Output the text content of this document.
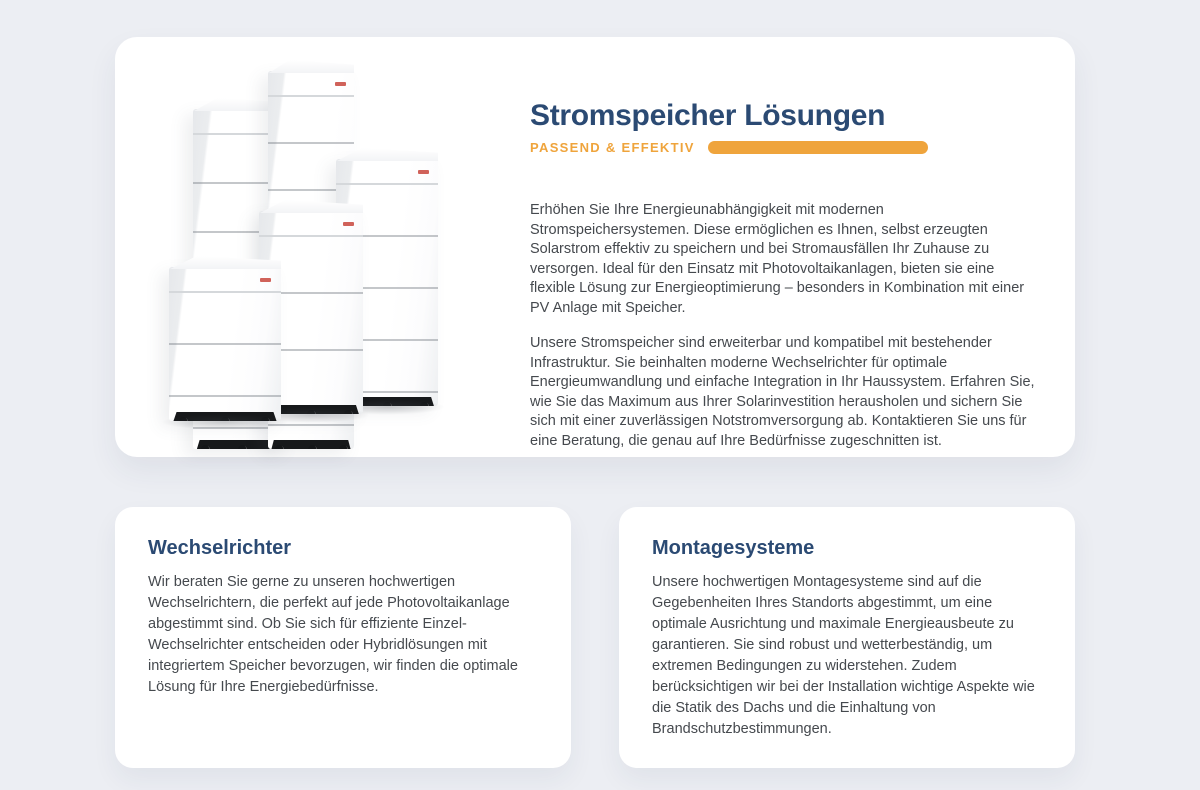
Stromspeicher Lösungen
PASSEND & EFFEKTIV

Erhöhen Sie Ihre Energieunabhängigkeit mit modernen Stromspeichersystemen. Diese ermöglichen es Ihnen, selbst erzeugten Solarstrom effektiv zu speichern und bei Stromausfällen Ihr Zuhause zu versorgen. Ideal für den Einsatz mit Photovoltaikanlagen, bieten sie eine flexible Lösung zur Energieoptimierung – besonders in Kombination mit einer PV Anlage mit Speicher.

Unsere Stromspeicher sind erweiterbar und kompatibel mit bestehender Infrastruktur. Sie beinhalten moderne Wechselrichter für optimale Energieumwandlung und einfache Integration in Ihr Haussystem. Erfahren Sie, wie Sie das Maximum aus Ihrer Solarinvestition herausholen und sichern Sie sich mit einer zuverlässigen Notstromversorgung ab. Kontaktieren Sie uns für eine Beratung, die genau auf Ihre Bedürfnisse zugeschnitten ist.

Wechselrichter

Wir beraten Sie gerne zu unseren hochwertigen Wechselrichtern, die perfekt auf jede Photovoltaikanlage abgestimmt sind. Ob Sie sich für effiziente Einzel-Wechselrichter entscheiden oder Hybridlösungen mit integriertem Speicher bevorzugen, wir finden die optimale Lösung für Ihre Energiebedürfnisse.

Montagesysteme

Unsere hochwertigen Montagesysteme sind auf die Gegebenheiten Ihres Standorts abgestimmt, um eine optimale Ausrichtung und maximale Energieausbeute zu garantieren. Sie sind robust und wetterbeständig, um extremen Bedingungen zu widerstehen. Zudem berücksichtigen wir bei der Installation wichtige Aspekte wie die Statik des Dachs und die Einhaltung von Brandschutzbestimmungen.
